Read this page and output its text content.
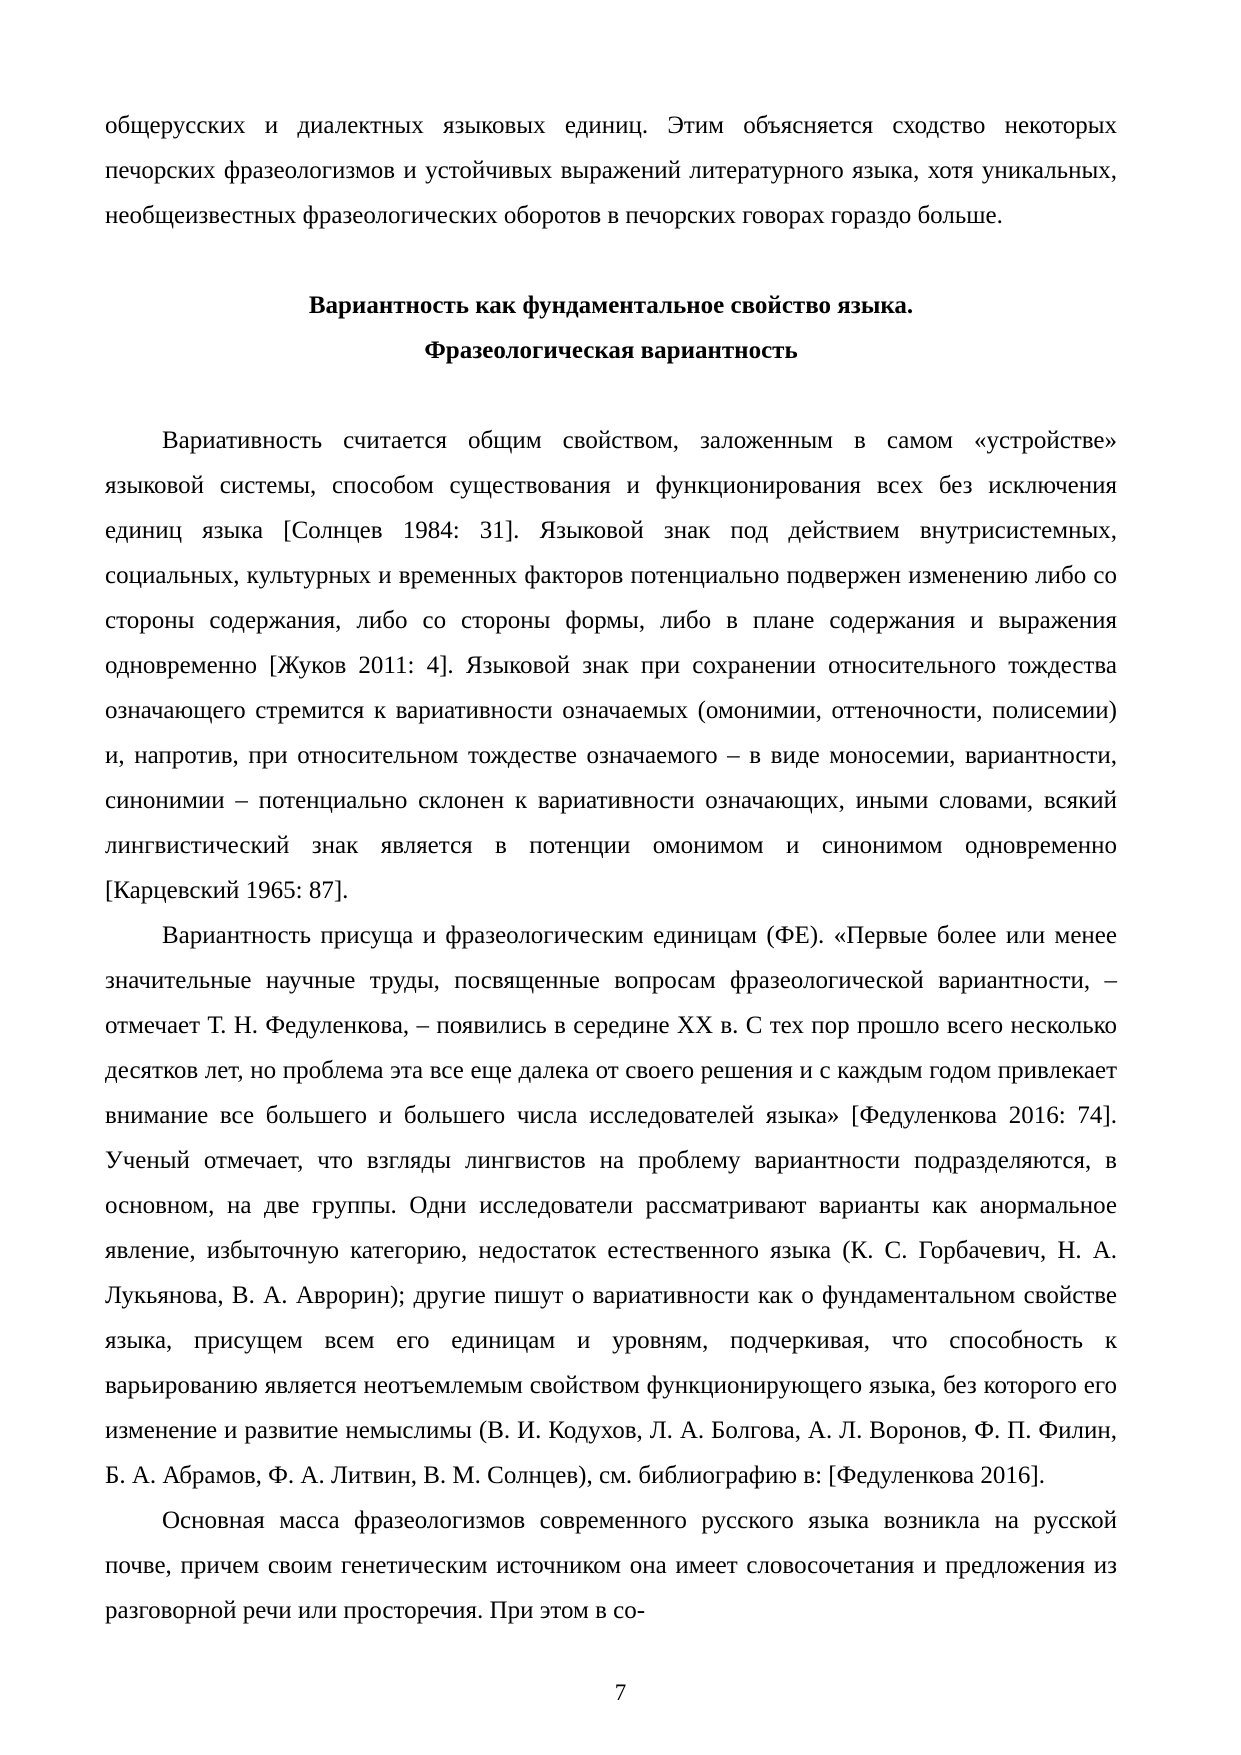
общерусских и диалектных языковых единиц. Этим объясняется сходство некоторых печорских фразеологизмов и устойчивых выражений литературного языка, хотя уникальных, необщеизвестных фразеологических оборотов в печорских говорах гораздо больше.

Вариантность как фундаментальное свойство языка.
Фразеологическая вариантность

Вариативность считается общим свойством, заложенным в самом «устройстве» языковой системы, способом существования и функционирования всех без исключения единиц языка [Солнцев 1984: 31]. Языковой знак под действием внутрисистемных, социальных, культурных и временных факторов потенциально подвержен изменению либо со стороны содержания, либо со стороны формы, либо в плане содержания и выражения одновременно [Жуков 2011: 4]. Языковой знак при сохранении относительного тождества означающего стремится к вариативности означаемых (омонимии, оттеночности, полисемии) и, напротив, при относительном тождестве означаемого – в виде моносемии, вариантности, синонимии – потенциально склонен к вариативности означающих, иными словами, всякий лингвистический знак является в потенции омонимом и синонимом одновременно [Карцевский 1965: 87].

Вариантность присуща и фразеологическим единицам (ФЕ). «Первые более или менее значительные научные труды, посвященные вопросам фразеологической вариантности, – отмечает Т. Н. Федуленкова, – появились в середине XX в. С тех пор прошло всего несколько десятков лет, но проблема эта все еще далека от своего решения и с каждым годом привлекает внимание все большего и большего числа исследователей языка» [Федуленкова 2016: 74]. Ученый отмечает, что взгляды лингвистов на проблему вариантности подразделяются, в основном, на две группы. Одни исследователи рассматривают варианты как анормальное явление, избыточную категорию, недостаток естественного языка (К. С. Горбачевич, Н. А. Лукьянова, В. А. Аврорин); другие пишут о вариативности как о фундаментальном свойстве языка, присущем всем его единицам и уровням, подчеркивая, что способность к варьированию является неотъемлемым свойством функционирующего языка, без которого его изменение и развитие немыслимы (В. И. Кодухов, Л. А. Болгова, А. Л. Воронов, Ф. П. Филин, Б. А. Абрамов, Ф. А. Литвин, В. М. Солнцев), см. библиографию в: [Федуленкова 2016].

Основная масса фразеологизмов современного русского языка возникла на русской почве, причем своим генетическим источником она имеет словосочетания и предложения из разговорной речи или просторечия. При этом в со-

7
